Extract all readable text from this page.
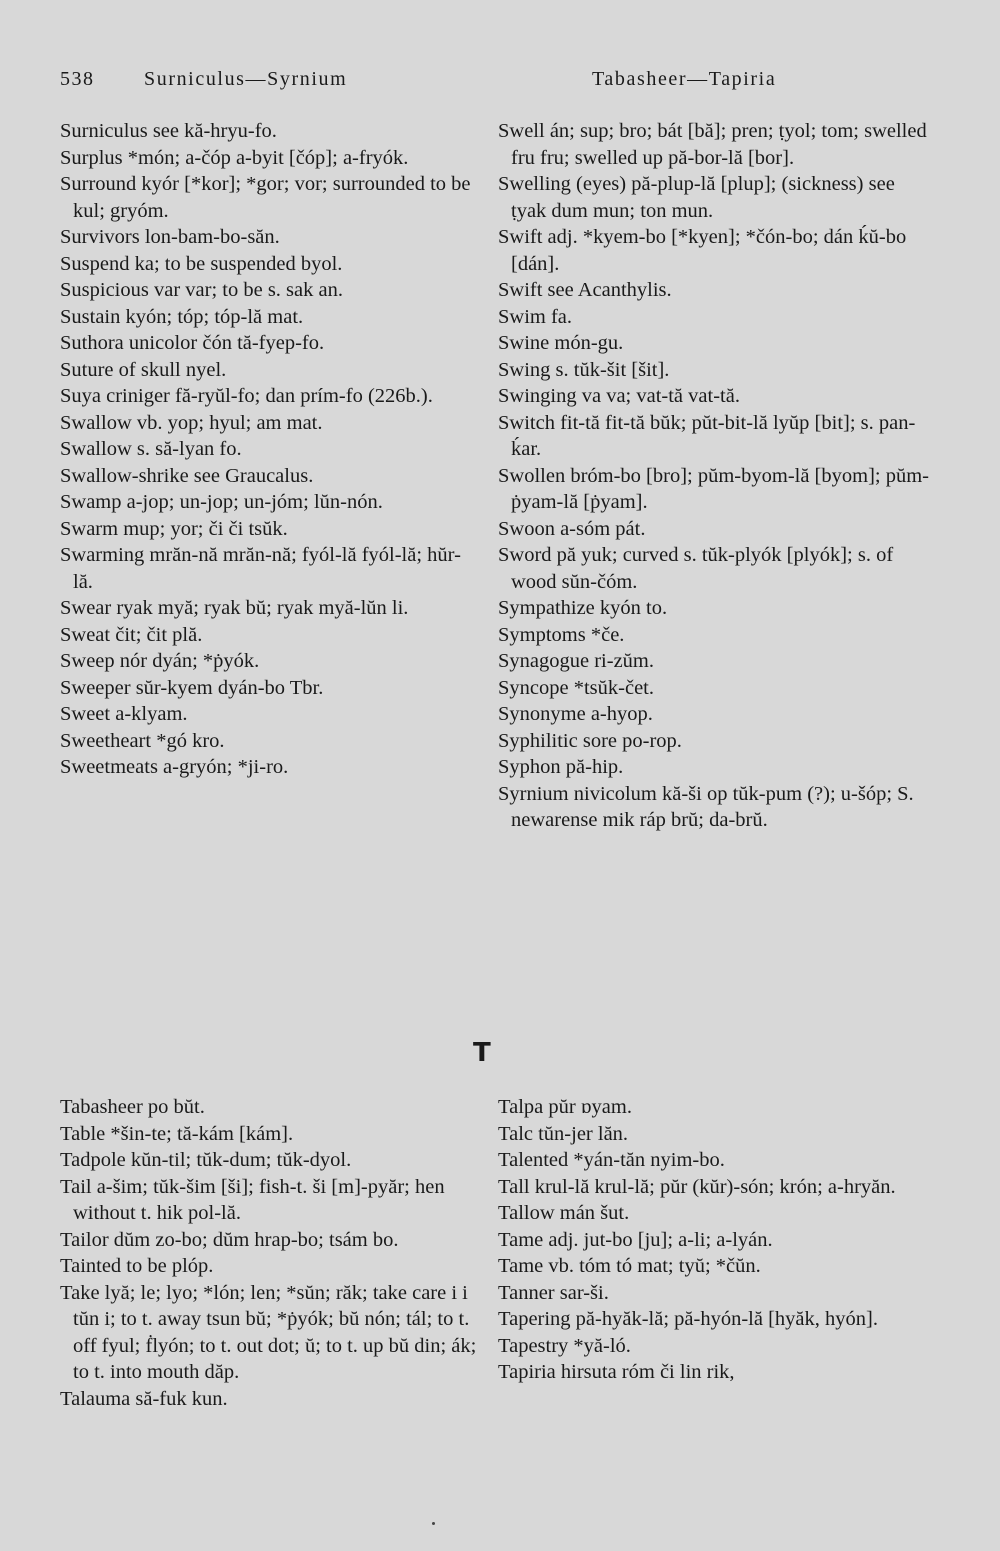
538 Surniculus—Syrnium	Tabasheer—Tapiria

Surniculus see kă-hryu-fo.

Surplus *món; a-čóp a-byit [čóp]; a-fryók.

Surround kyór [*kor]; *gor; vor; surrounded to be kul; gryóm.

Survivors lon-bam-bo-săn.

Suspend ka; to be suspended byol.

Suspicious var var; to be s. sak an.

Sustain kyón; tóp; tóp-lă mat.

Suthora unicolor čón tă-fyep-fo.

Suture of skull nyel.

Suya criniger fă-ryŭl-fo; dan prím-fo (226b.).

Swallow vb. yop; hyul; am mat.

Swallow s. să-lyan fo.

Swallow-shrike see Graucalus.

Swamp a-jop; un-jop; un-jóm; lŭn-nón.

Swarm mup; yor; či či tsŭk.

Swarming mrăn-nă mrăn-nă; fyól-lă fyól-lă; hŭr-lă.

Swear ryak myă; ryak bŭ; ryak myă-lŭn li.

Sweat čit; čit plă.

Sweep nór dyán; *ṗyók.

Sweeper sŭr-kyem dyán-bo Tbr.

Sweet a-klyam.

Sweetheart *gó kro.

Sweetmeats a-gryón; *ji-ro.

Swell án; sup; bro; bát [bă]; pren; ṭyol; tom; swelled fru fru; swelled up pă-bor-lă [bor].

Swelling (eyes) pă-plup-lă [plup]; (sickness) see ṭyak dum mun; ton mun.

Swift adj. *kyem-bo [*kyen]; *čón-bo; dán ḱŭ-bo [dán].

Swift see Acanthylis.

Swim fa.

Swine món-gu.

Swing s. tŭk-šit [šit].

Swinging va va; vat-tă vat-tă.

Switch fit-tă fit-tă bŭk; pŭt-bit-lă lyŭp [bit]; s. pan-ḱar.

Swollen bróm-bo [bro]; pŭm-byom-lă [byom]; pŭm-ṗyam-lă [ṗyam].

Swoon a-sóm pát.

Sword pă yuk; curved s. tŭk-plyók [plyók]; s. of wood sŭn-čóm.

Sympathize kyón to.

Symptoms *če.

Synagogue ri-zŭm.

Syncope *tsŭk-čet.

Synonyme a-hyop.

Syphilitic sore po-rop.

Syphon pă-hip.

Syrnium nivicolum kă-ši op tŭk-pum (?); u-šóp; S. newarense mik ráp brŭ; da-brŭ.

T

Tabasheer po bŭt.

Table *šin-te; tă-kám [kám].

Tadpole kŭn-til; tŭk-dum; tŭk-dyol.

Tail a-šim; tŭk-šim [ši]; fish-t. ši [m]-pyăr; hen without t. hik pol-lă.

Tailor dŭm zo-bo; dŭm hrap-bo; tsám bo.

Tainted to be plóp.

Take lyă; le; lyo; *lón; len; *sŭn; răk; take care i i tŭn i; to t. away tsun bŭ; *ṗyók; bŭ nón; tál; to t. off fyul; ḟlyón; to t. out dot; ŭ; to t. up bŭ din; ák; to t. into mouth dăp.

Talauma să-fuk kun.

Talpa pŭr ɒyam.

Talc tŭn-jer lăn.

Talented *yán-tăn nyim-bo.

Tall krul-lă krul-lă; pŭr (kŭr)-són; krón; a-hryăn.

Tallow mán šut.

Tame adj. jut-bo [ju]; a-li; a-lyán.

Tame vb. tóm tó mat; tyŭ; *čŭn.

Tanner sar-ši.

Tapering pă-hyăk-lă; pă-hyón-lă [hyăk, hyón].

Tapestry *yă-ló.

Tapiria hirsuta róm či lin rik,
